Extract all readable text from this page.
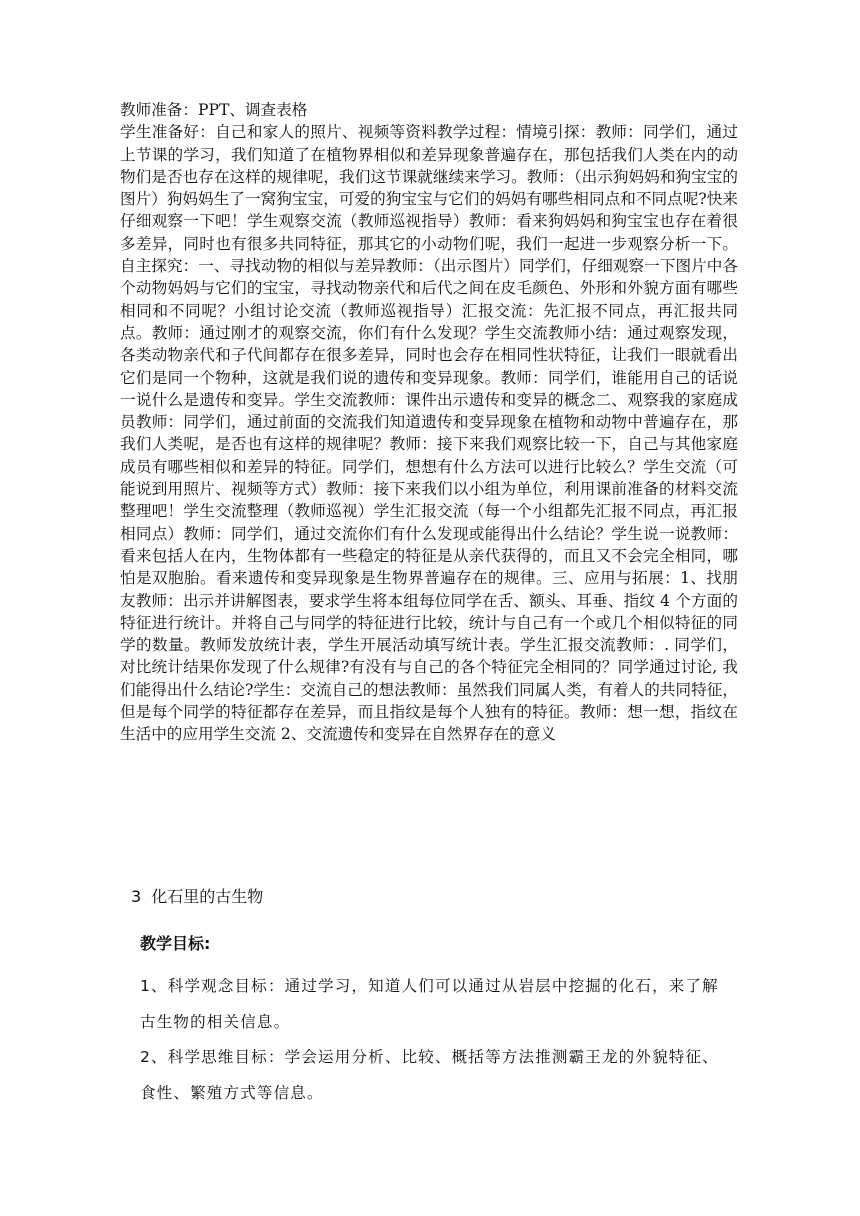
教师准备：PPT、调查表格

学生准备好：自己和家人的照片、视频等资料教学过程：情境引探：教师：同学们，通过上节课的学习，我们知道了在植物界相似和差异现象普遍存在，那包括我们人类在内的动物们是否也存在这样的规律呢，我们这节课就继续来学习。教师：（出示狗妈妈和狗宝宝的图片）狗妈妈生了一窝狗宝宝，可爱的狗宝宝与它们的妈妈有哪些相同点和不同点呢?快来仔细观察一下吧！学生观察交流（教师巡视指导）教师：看来狗妈妈和狗宝宝也存在着很多差异，同时也有很多共同特征，那其它的小动物们呢，我们一起进一步观察分析一下。自主探究：一、寻找动物的相似与差异教师：（出示图片）同学们，仔细观察一下图片中各个动物妈妈与它们的宝宝，寻找动物亲代和后代之间在皮毛颜色、外形和外貌方面有哪些相同和不同呢？小组讨论交流（教师巡视指导）汇报交流：先汇报不同点，再汇报共同点。教师：通过刚才的观察交流，你们有什么发现？学生交流教师小结：通过观察发现，各类动物亲代和子代间都存在很多差异，同时也会存在相同性状特征，让我们一眼就看出它们是同一个物种，这就是我们说的遗传和变异现象。教师：同学们，谁能用自己的话说一说什么是遗传和变异。学生交流教师：课件出示遗传和变异的概念二、观察我的家庭成员教师：同学们，通过前面的交流我们知道遗传和变异现象在植物和动物中普遍存在，那我们人类呢，是否也有这样的规律呢？教师：接下来我们观察比较一下，自己与其他家庭成员有哪些相似和差异的特征。同学们，想想有什么方法可以进行比较么？学生交流（可能说到用照片、视频等方式）教师：接下来我们以小组为单位，利用课前准备的材料交流整理吧！学生交流整理（教师巡视）学生汇报交流（每一个小组都先汇报不同点，再汇报相同点）教师：同学们，通过交流你们有什么发现或能得出什么结论？学生说一说教师：看来包括人在内，生物体都有一些稳定的特征是从亲代获得的，而且又不会完全相同，哪怕是双胞胎。看来遗传和变异现象是生物界普遍存在的规律。三、应用与拓展：1、找朋友教师：出示并讲解图表，要求学生将本组每位同学在舌、额头、耳垂、指纹 4 个方面的特征进行统计。并将自己与同学的特征进行比较，统计与自己有一个或几个相似特征的同学的数量。教师发放统计表，学生开展活动填写统计表。学生汇报交流教师：. 同学们，对比统计结果你发现了什么规律?有没有与自己的各个特征完全相同的？同学通过讨论, 我们能得出什么结论?学生：交流自己的想法教师：虽然我们同属人类，有着人的共同特征，但是每个同学的特征都存在差异，而且指纹是每个人独有的特征。教师：想一想，指纹在生活中的应用学生交流 2、交流遗传和变异在自然界存在的意义

3 化石里的古生物
教学目标:
1、科学观念目标：通过学习，知道人们可以通过从岩层中挖掘的化石，来了解古生物的相关信息。
2、科学思维目标：学会运用分析、比较、概括等方法推测霸王龙的外貌特征、食性、繁殖方式等信息。
